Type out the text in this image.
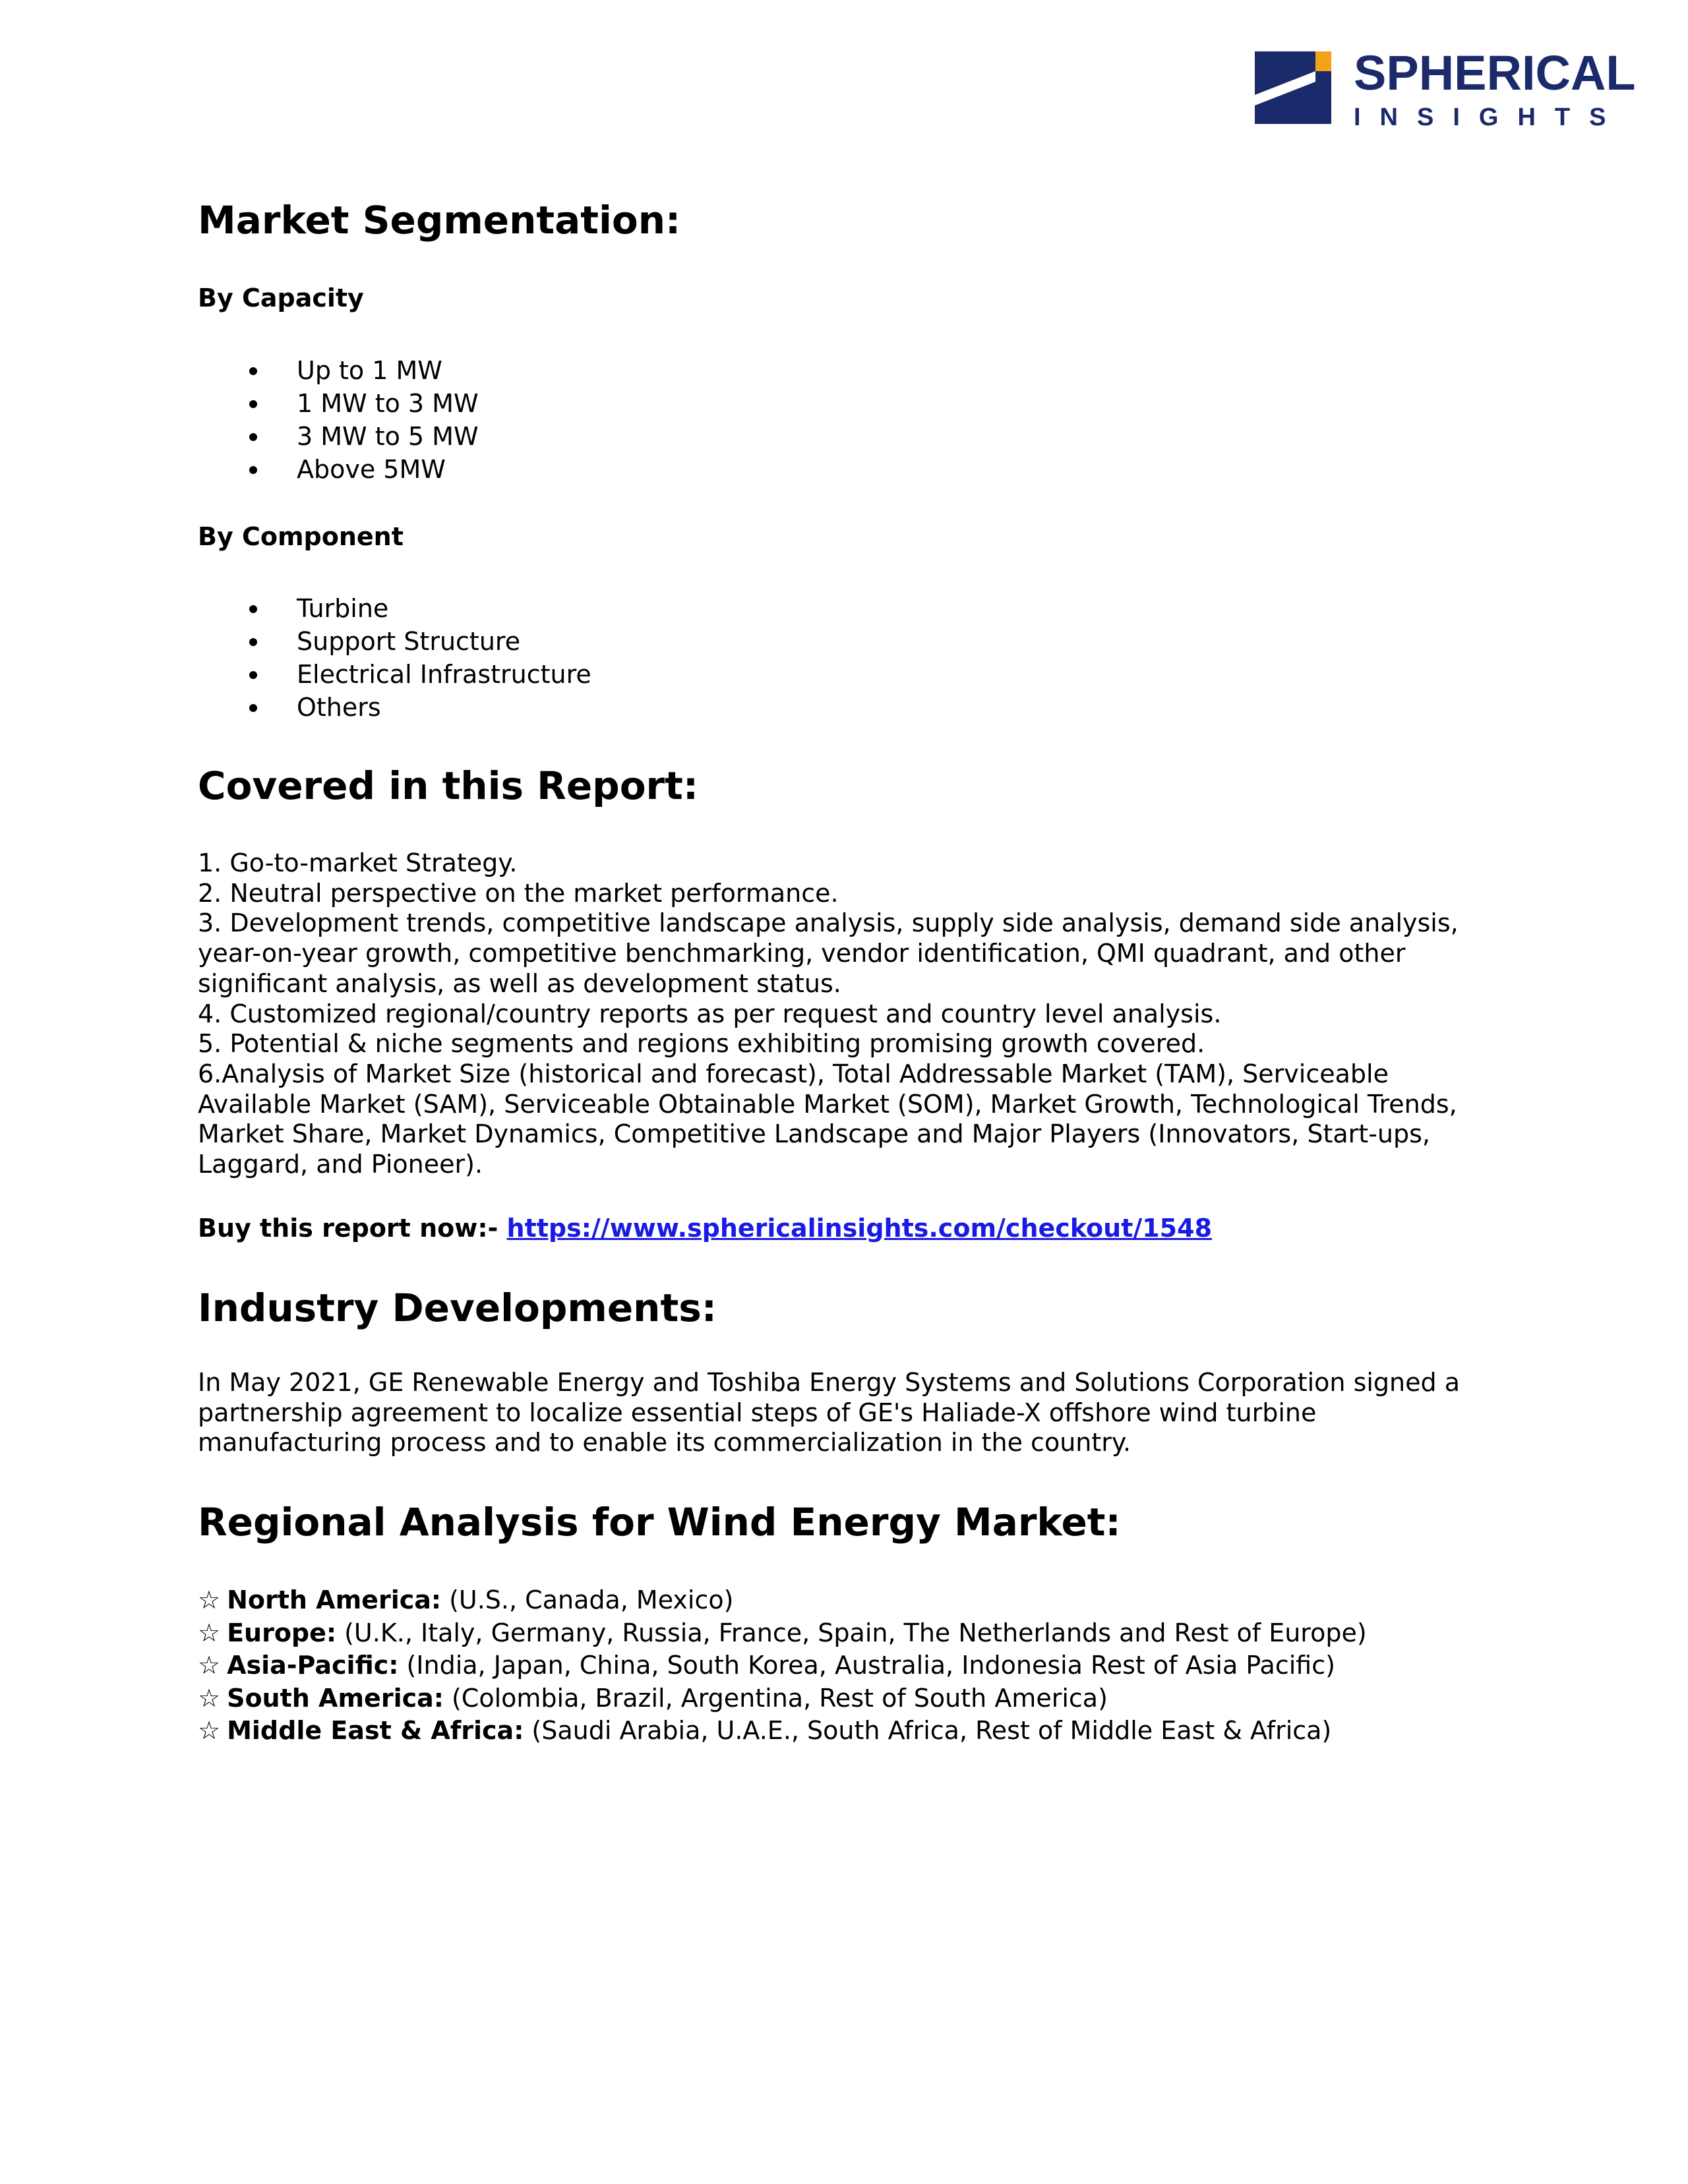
SPHERICAL
INSIGHTS
Market Segmentation:
By Capacity
Up to 1 MW
1 MW to 3 MW
3 MW to 5 MW
Above 5MW
By Component
Turbine
Support Structure
Electrical Infrastructure
Others
Covered in this Report:

1. Go-to-market Strategy.

2. Neutral perspective on the market performance.

3. Development trends, competitive landscape analysis, supply side analysis, demand side analysis, year-on-year growth, competitive benchmarking, vendor identification, QMI quadrant, and other significant analysis, as well as development status.

4. Customized regional/country reports as per request and country level analysis.

5. Potential & niche segments and regions exhibiting promising growth covered.

6.Analysis of Market Size (historical and forecast), Total Addressable Market (TAM), Serviceable Available Market (SAM), Serviceable Obtainable Market (SOM), Market Growth, Technological Trends, Market Share, Market Dynamics, Competitive Landscape and Major Players (Innovators, Start-ups, Laggard, and Pioneer).

Buy this report now:- https://www.sphericalinsights.com/checkout/1548
Industry Developments:

In May 2021, GE Renewable Energy and Toshiba Energy Systems and Solutions Corporation signed a partnership agreement to localize essential steps of GE's Haliade-X offshore wind turbine manufacturing process and to enable its commercialization in the country.

Regional Analysis for Wind Energy Market:
☆ North America: (U.S., Canada, Mexico)
☆ Europe: (U.K., Italy, Germany, Russia, France, Spain, The Netherlands and Rest of Europe)
☆ Asia-Pacific: (India, Japan, China, South Korea, Australia, Indonesia Rest of Asia Pacific)
☆ South America: (Colombia, Brazil, Argentina, Rest of South America)
☆ Middle East & Africa: (Saudi Arabia, U.A.E., South Africa, Rest of Middle East & Africa)
